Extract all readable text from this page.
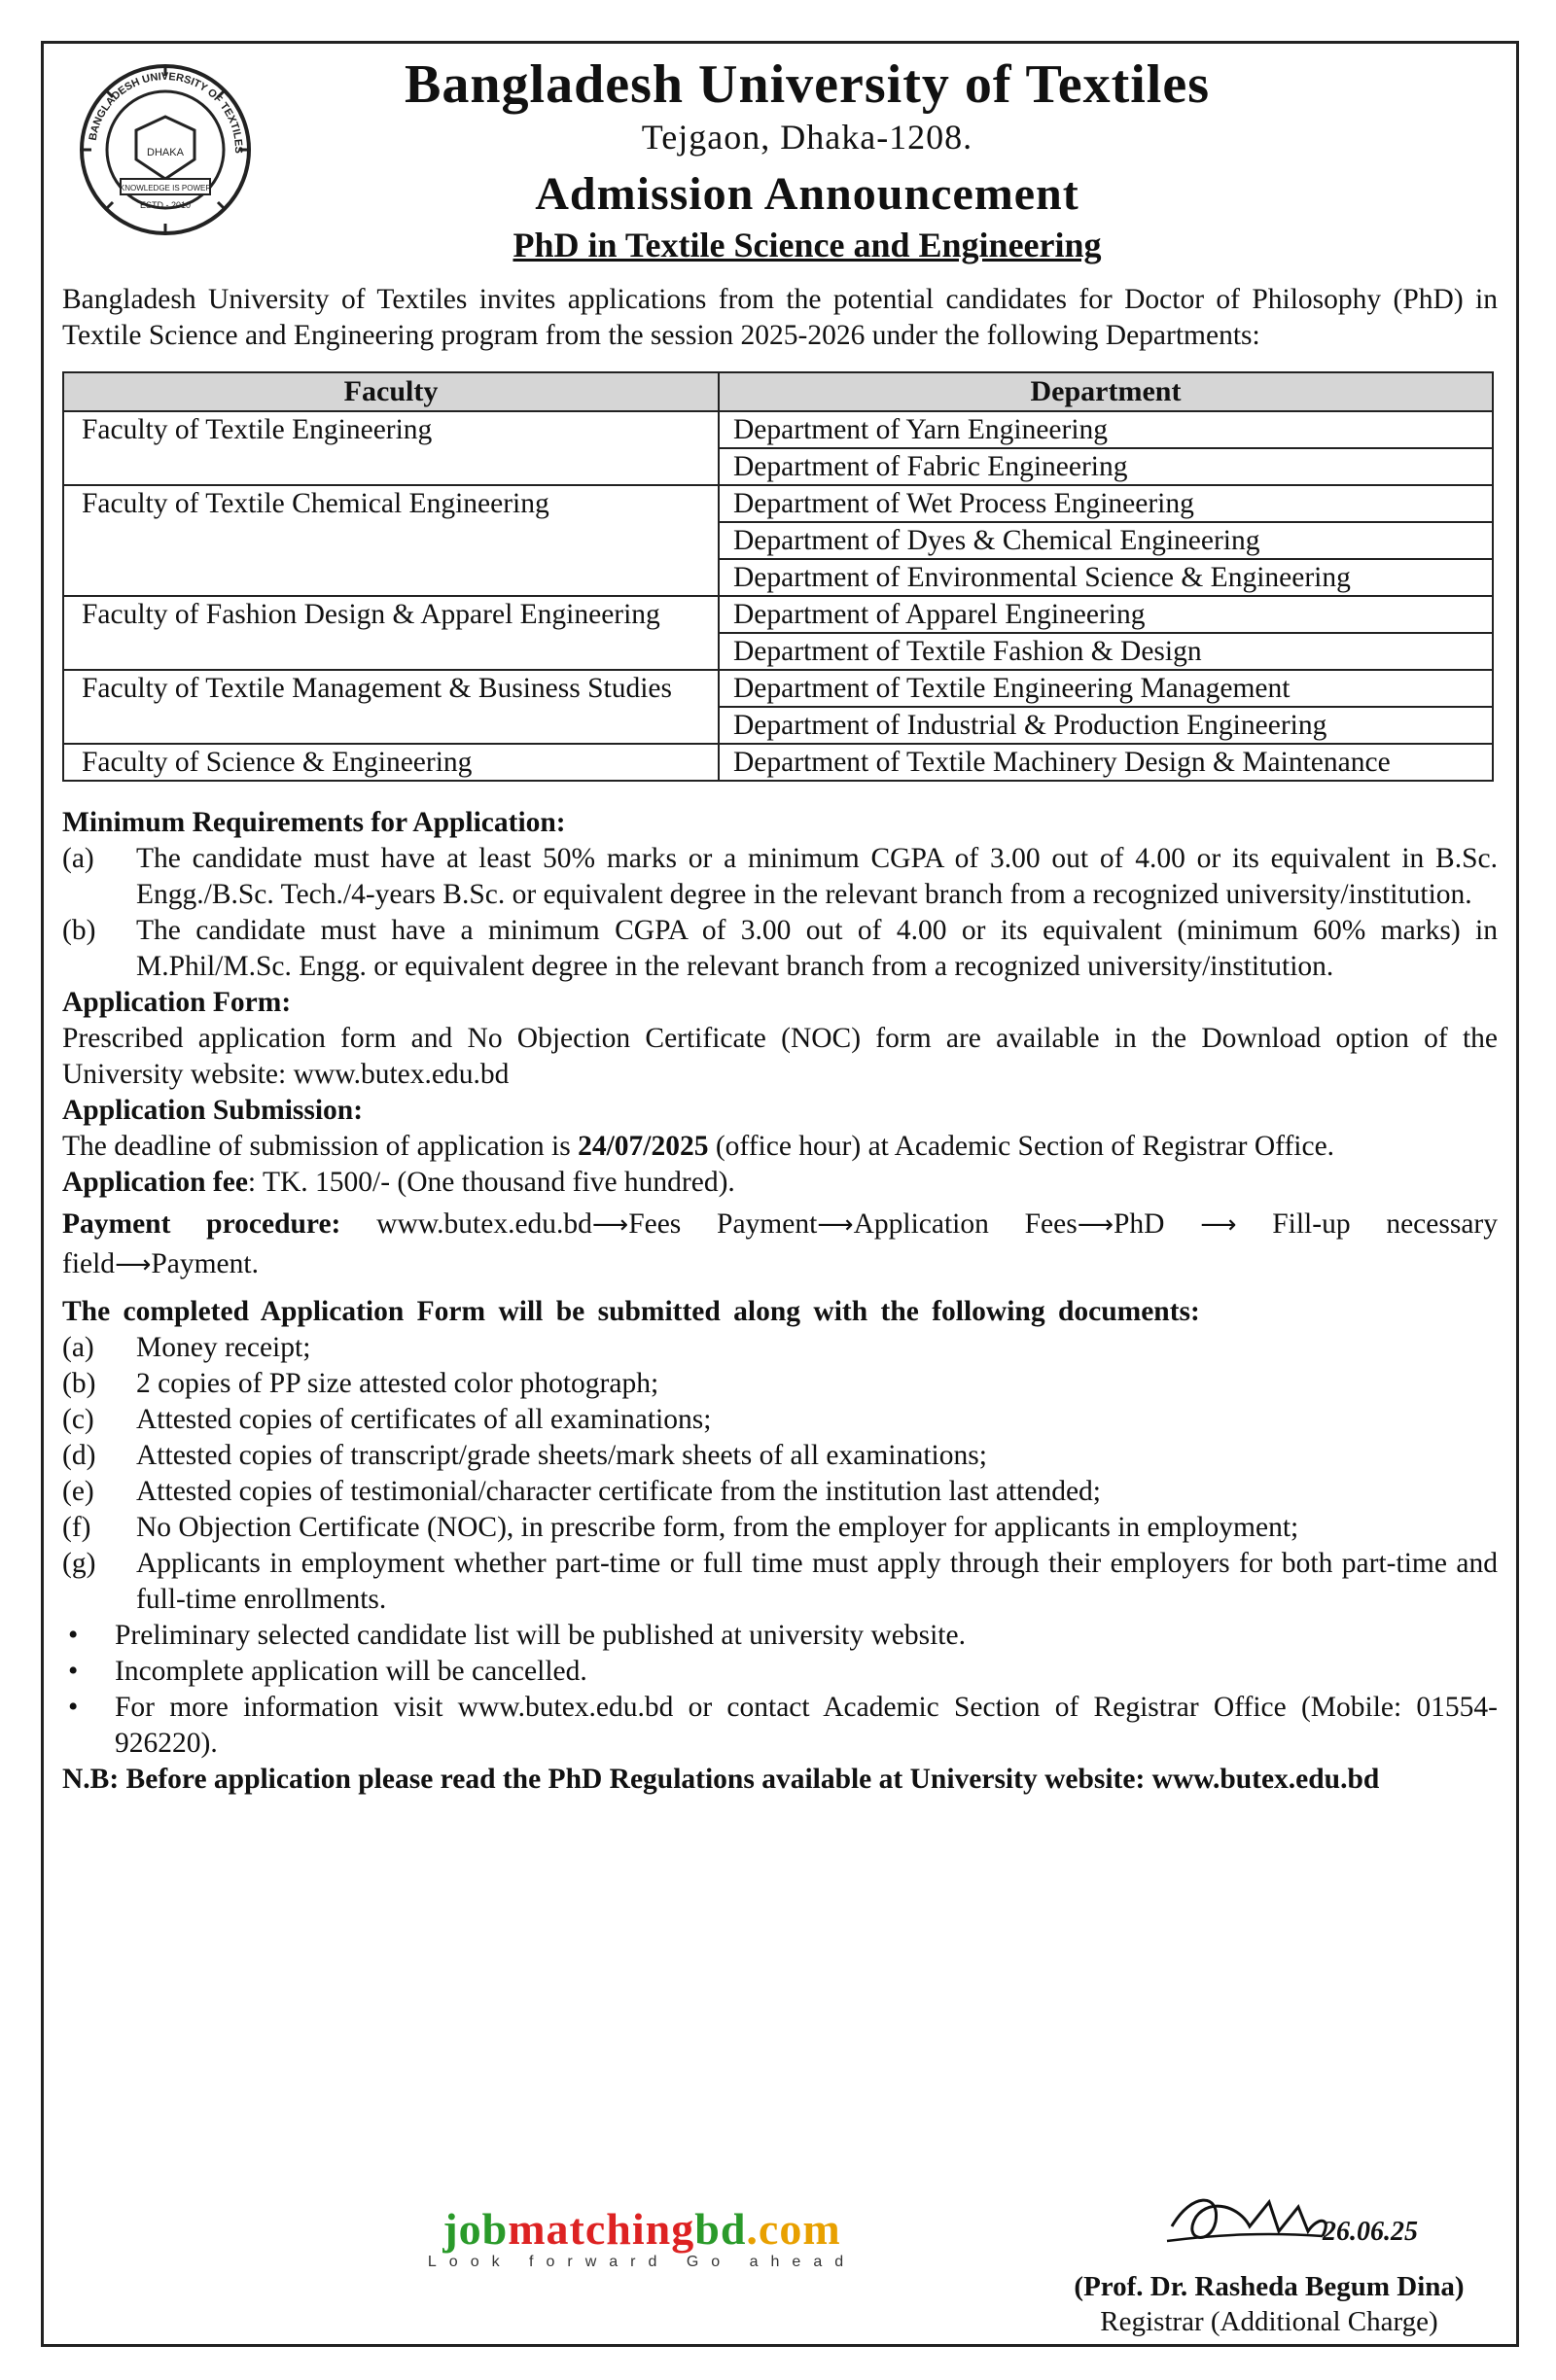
BANGLADESH UNIVERSITY OF TEXTILES
DHAKA
KNOWLEDGE IS POWER
ESTD - 2010

Bangladesh University of Textiles

Tejgaon, Dhaka-1208.

Admission Announcement

PhD in Textile Science and Engineering

Bangladesh University of Textiles invites applications from the potential candidates for Doctor of Philosophy (PhD) in Textile Science and Engineering program from the session 2025-2026 under the following Departments:

Faculty	Department

Faculty of Textile Engineering	Department of Yarn Engineering
	Department of Fabric Engineering

Faculty of Textile Chemical Engineering	Department of Wet Process Engineering
	Department of Dyes & Chemical Engineering
	Department of Environmental Science & Engineering

Faculty of Fashion Design & Apparel Engineering	Department of Apparel Engineering
	Department of Textile Fashion & Design

Faculty of Textile Management & Business Studies	Department of Textile Engineering Management
	Department of Industrial & Production Engineering

Faculty of Science & Engineering	Department of Textile Machinery Design & Maintenance

Minimum Requirements for Application:

(a)	The candidate must have at least 50% marks or a minimum CGPA of 3.00 out of 4.00 or its equivalent in B.Sc. Engg./B.Sc. Tech./4-years B.Sc. or equivalent degree in the relevant branch from a recognized university/institution.
(b)	The candidate must have a minimum CGPA of 3.00 out of 4.00 or its equivalent (minimum 60% marks) in M.Phil/M.Sc. Engg. or equivalent degree in the relevant branch from a recognized university/institution.

Application Form:

Prescribed application form and No Objection Certificate (NOC) form are available in the Download option of the University website: www.butex.edu.bd

Application Submission:

The deadline of submission of application is 24/07/2025 (office hour) at Academic Section of Registrar Office.

Application fee: TK. 1500/- (One thousand five hundred).

Payment procedure: www.butex.edu.bd⟶Fees Payment⟶Application Fees⟶PhD ⟶ Fill-up necessary field⟶Payment.

The completed Application Form will be submitted along with the following documents:

(a)	Money receipt;
(b)	2 copies of PP size attested color photograph;
(c)	Attested copies of certificates of all examinations;
(d)	Attested copies of transcript/grade sheets/mark sheets of all examinations;
(e)	Attested copies of testimonial/character certificate from the institution last attended;
(f)	No Objection Certificate (NOC), in prescribe form, from the employer for applicants in employment;
(g)	Applicants in employment whether part-time or full time must apply through their employers for both part-time and full-time enrollments.
•	Preliminary selected candidate list will be published at university website.
•	Incomplete application will be cancelled.
•	For more information visit www.butex.edu.bd or contact Academic Section of Registrar Office (Mobile: 01554-926220).

N.B: Before application please read the PhD Regulations available at University website: www.butex.edu.bd

jobmatchingbd.com
Look forward Go ahead
26.06.25
(Prof. Dr. Rasheda Begum Dina)
Registrar (Additional Charge)
